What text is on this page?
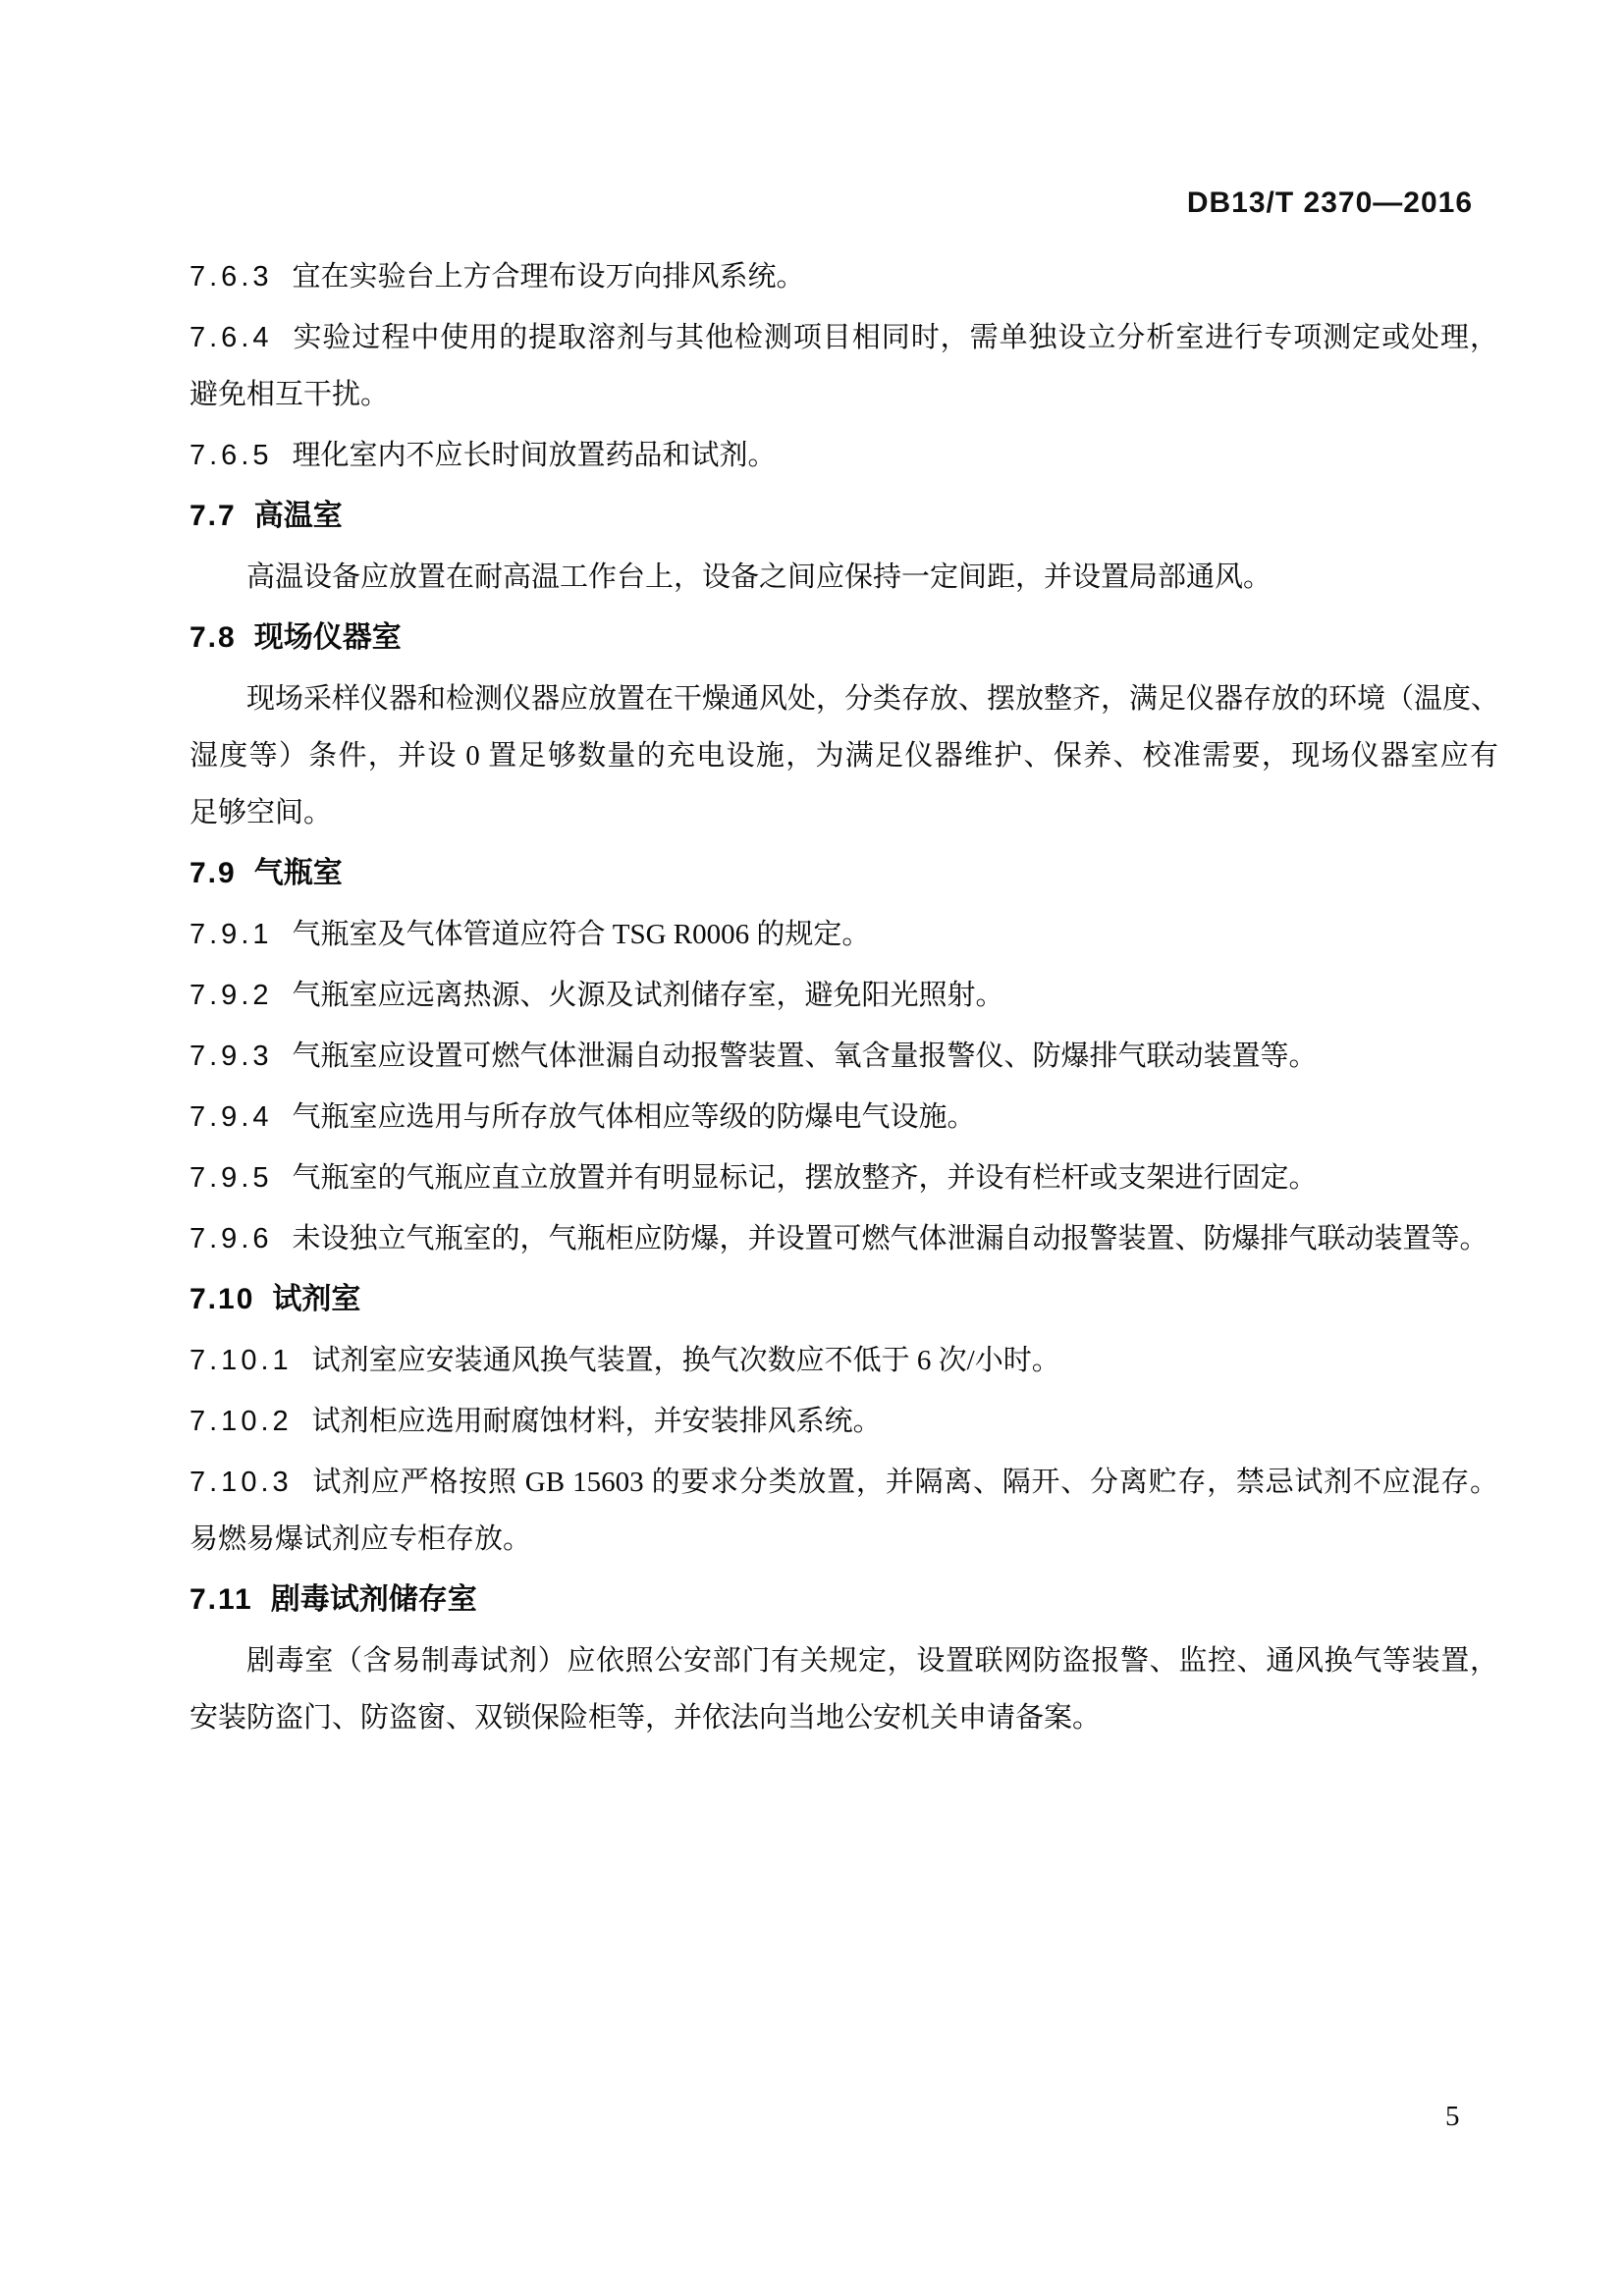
DB13/T 2370—2016
7.6.3 宜在实验台上方合理布设万向排风系统。
7.6.4 实验过程中使用的提取溶剂与其他检测项目相同时，需单独设立分析室进行专项测定或处理，
避免相互干扰。
7.6.5 理化室内不应长时间放置药品和试剂。
7.7 高温室
高温设备应放置在耐高温工作台上，设备之间应保持一定间距，并设置局部通风。
7.8 现场仪器室
现场采样仪器和检测仪器应放置在干燥通风处，分类存放、摆放整齐，满足仪器存放的环境（温度、
湿度等）条件，并设 0 置足够数量的充电设施，为满足仪器维护、保养、校准需要，现场仪器室应有
足够空间。
7.9 气瓶室
7.9.1 气瓶室及气体管道应符合 TSG R0006 的规定。
7.9.2 气瓶室应远离热源、火源及试剂储存室，避免阳光照射。
7.9.3 气瓶室应设置可燃气体泄漏自动报警装置、氧含量报警仪、防爆排气联动装置等。
7.9.4 气瓶室应选用与所存放气体相应等级的防爆电气设施。
7.9.5 气瓶室的气瓶应直立放置并有明显标记，摆放整齐，并设有栏杆或支架进行固定。
7.9.6 未设独立气瓶室的，气瓶柜应防爆，并设置可燃气体泄漏自动报警装置、防爆排气联动装置等。
7.10 试剂室
7.10.1 试剂室应安装通风换气装置，换气次数应不低于 6 次/小时。
7.10.2 试剂柜应选用耐腐蚀材料，并安装排风系统。
7.10.3 试剂应严格按照 GB 15603 的要求分类放置，并隔离、隔开、分离贮存，禁忌试剂不应混存。
易燃易爆试剂应专柜存放。
7.11 剧毒试剂储存室
剧毒室（含易制毒试剂）应依照公安部门有关规定，设置联网防盗报警、监控、通风换气等装置，
安装防盗门、防盗窗、双锁保险柜等，并依法向当地公安机关申请备案。
5
